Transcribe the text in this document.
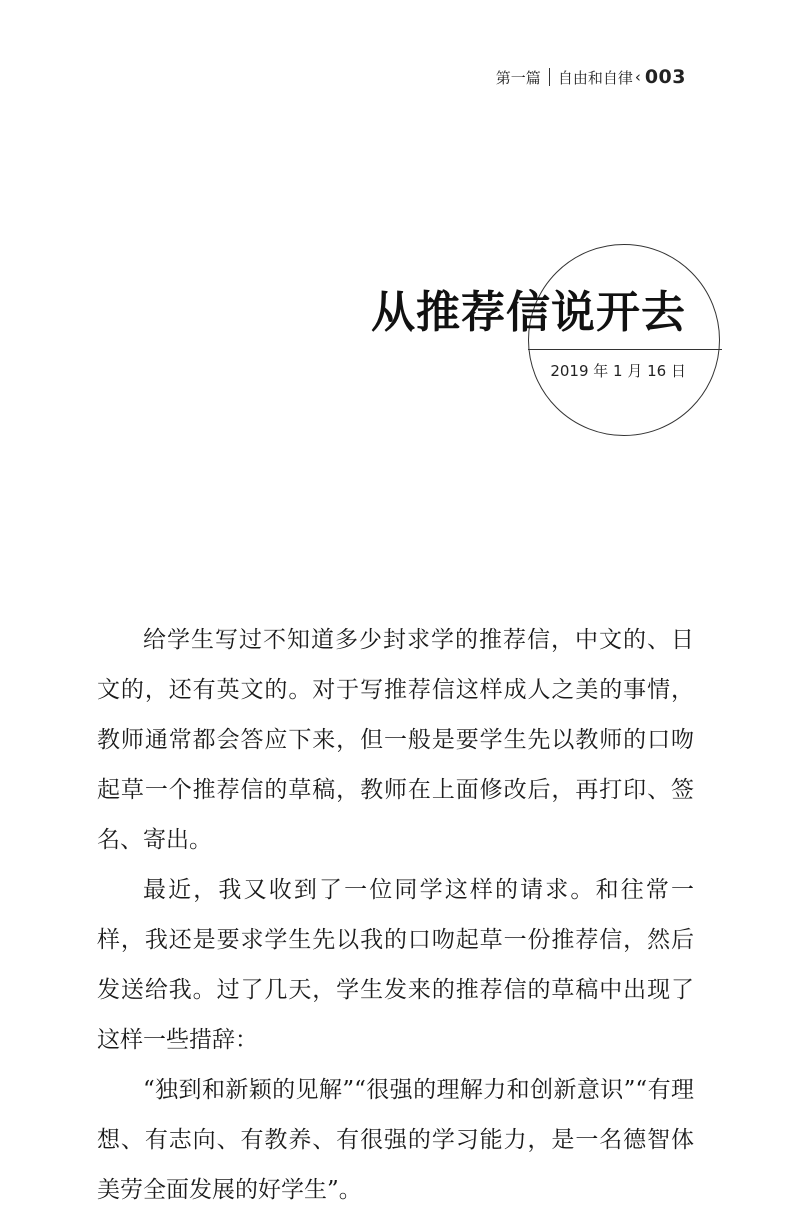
第一篇 自由和自律 ‹ 003
从推荐信说开去
2019 年 1 月 16 日

给学生写过不知道多少封求学的推荐信，中文的、日文的，还有英文的。对于写推荐信这样成人之美的事情，教师通常都会答应下来，但一般是要学生先以教师的口吻起草一个推荐信的草稿，教师在上面修改后，再打印、签名、寄出。

最近，我又收到了一位同学这样的请求。和往常一样，我还是要求学生先以我的口吻起草一份推荐信，然后发送给我。过了几天，学生发来的推荐信的草稿中出现了这样一些措辞：

“独到和新颖的见解”“很强的理解力和创新意识”“有理想、有志向、有教养、有很强的学习能力，是一名德智体美劳全面发展的好学生”。
